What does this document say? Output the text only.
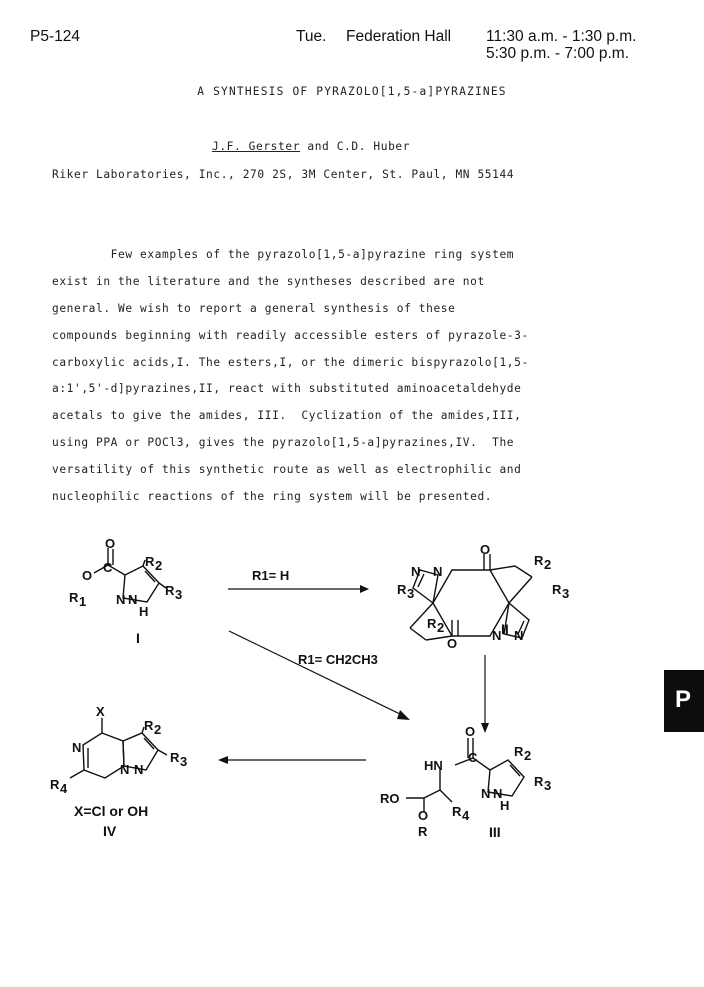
P5-124	Tue. Federation Hall 11:30 a.m. - 1:30 p.m.
5:30 p.m. - 7:00 p.m.
A SYNTHESIS OF PYRAZOLO[1,5-a]PYRAZINES
J.F. Gerster and C.D. Huber
Riker Laboratories, Inc., 270 2S, 3M Center, St. Paul, MN 55144
Few examples of the pyrazolo[1,5-a]pyrazine ring system
exist in the literature and the syntheses described are not
general. We wish to report a general synthesis of these
compounds beginning with readily accessible esters of pyrazole-3-
carboxylic acids,I. The esters,I, or the dimeric bispyrazolo[1,5-
a:1',5'-d]pyrazines,II, react with substituted aminoacetaldehyde
acetals to give the amides, III.  Cyclization of the amides,III,
using PPA or POCl3, gives the pyrazolo[1,5-a]pyrazines,IV.  The
versatility of this synthetic route as well as electrophilic and
nucleophilic reactions of the ring system will be presented.
O
C
O
R 1 N N
H
R 2
R 3
I
R1= H
O
O
N N
N N
R 2
R 3
R 3
R 2	II
R1= CH2CH3
O
C
HN
RO
O
R
R 4
N N
H
R 2
R 3
III
X
N
R 4
N N
R 2
R 3
X=Cl or OH
IV
P
